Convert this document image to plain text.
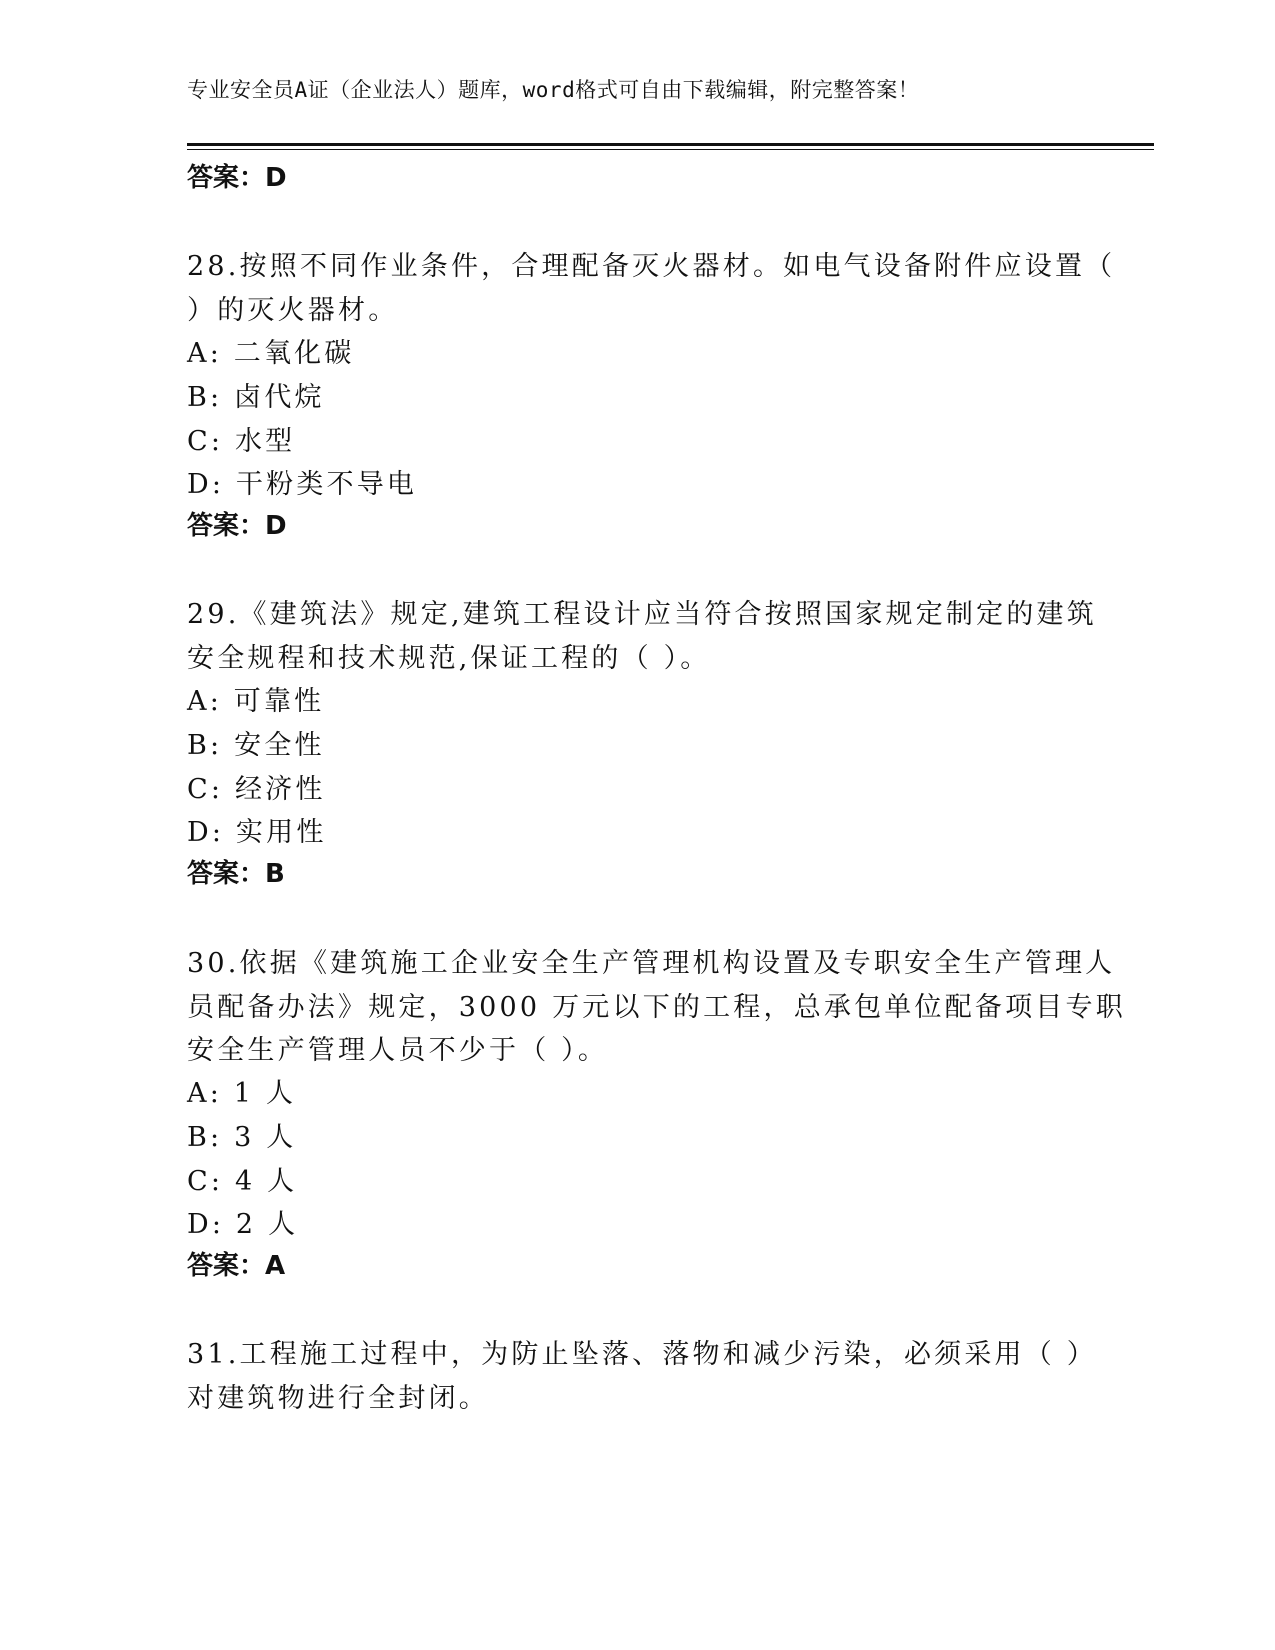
专业安全员A证（企业法人）题库，word格式可自由下载编辑，附完整答案！
答案：D
28.按照不同作业条件，合理配备灭火器材。如电气设备附件应设置（
）的灭火器材。
A: 二氧化碳
B: 卤代烷
C: 水型
D: 干粉类不导电
答案：D
29.《建筑法》规定,建筑工程设计应当符合按照国家规定制定的建筑
安全规程和技术规范,保证工程的（ ）。
A: 可靠性
B: 安全性
C: 经济性
D: 实用性
答案：B
30.依据《建筑施工企业安全生产管理机构设置及专职安全生产管理人
员配备办法》规定，3000 万元以下的工程，总承包单位配备项目专职
安全生产管理人员不少于（ ）。
A: 1 人
B: 3 人
C: 4 人
D: 2 人
答案：A
31.工程施工过程中，为防止坠落、落物和减少污染，必须采用（ ）
对建筑物进行全封闭。
